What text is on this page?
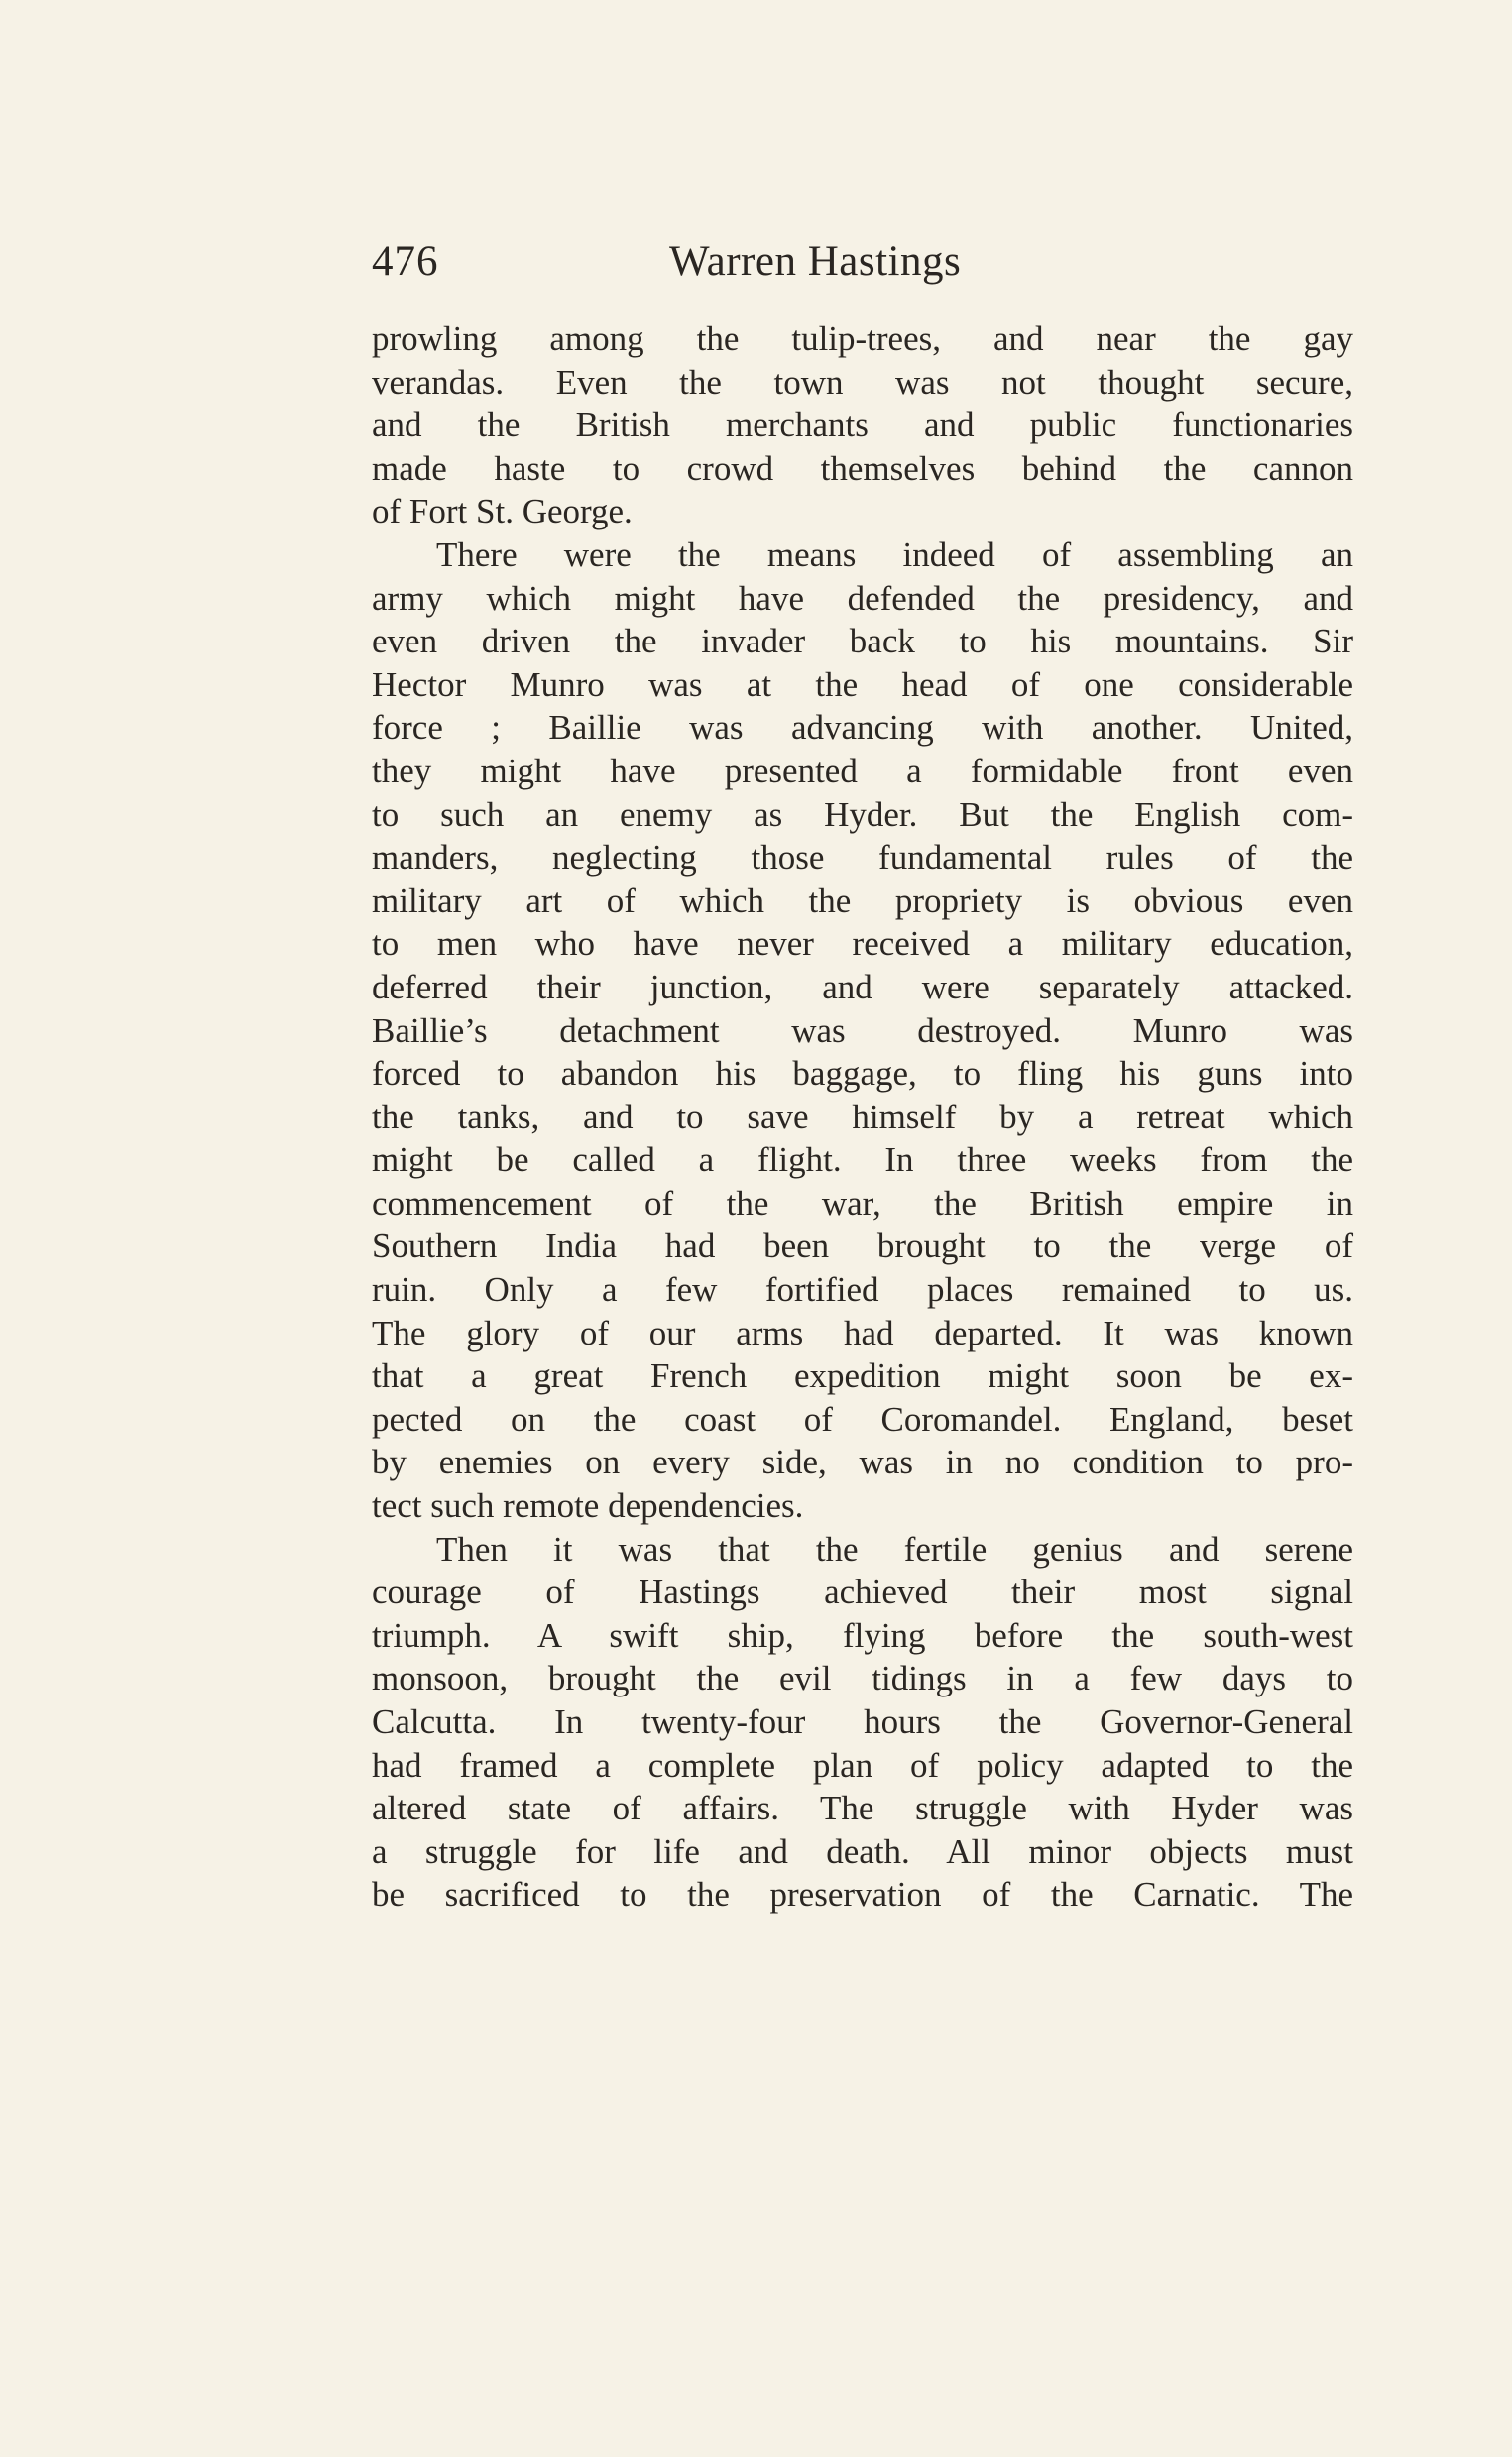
476	Warren Hastings
prowling among the tulip-trees, and near the gay
verandas. Even the town was not thought secure,
and the British merchants and public functionaries
made haste to crowd themselves behind the cannon
of Fort St. George.
There were the means indeed of assembling an
army which might have defended the presidency, and
even driven the invader back to his mountains. Sir
Hector Munro was at the head of one considerable
force ; Baillie was advancing with another. United,
they might have presented a formidable front even
to such an enemy as Hyder. But the English com-
manders, neglecting those fundamental rules of the
military art of which the propriety is obvious even
to men who have never received a military education,
deferred their junction, and were separately attacked.
Baillie’s detachment was destroyed. Munro was
forced to abandon his baggage, to fling his guns into
the tanks, and to save himself by a retreat which
might be called a flight. In three weeks from the
commencement of the war, the British empire in
Southern India had been brought to the verge of
ruin. Only a few fortified places remained to us.
The glory of our arms had departed. It was known
that a great French expedition might soon be ex-
pected on the coast of Coromandel. England, beset
by enemies on every side, was in no condition to pro-
tect such remote dependencies.
Then it was that the fertile genius and serene
courage of Hastings achieved their most signal
triumph. A swift ship, flying before the south-west
monsoon, brought the evil tidings in a few days to
Calcutta. In twenty-four hours the Governor-General
had framed a complete plan of policy adapted to the
altered state of affairs. The struggle with Hyder was
a struggle for life and death. All minor objects must
be sacrificed to the preservation of the Carnatic. The
